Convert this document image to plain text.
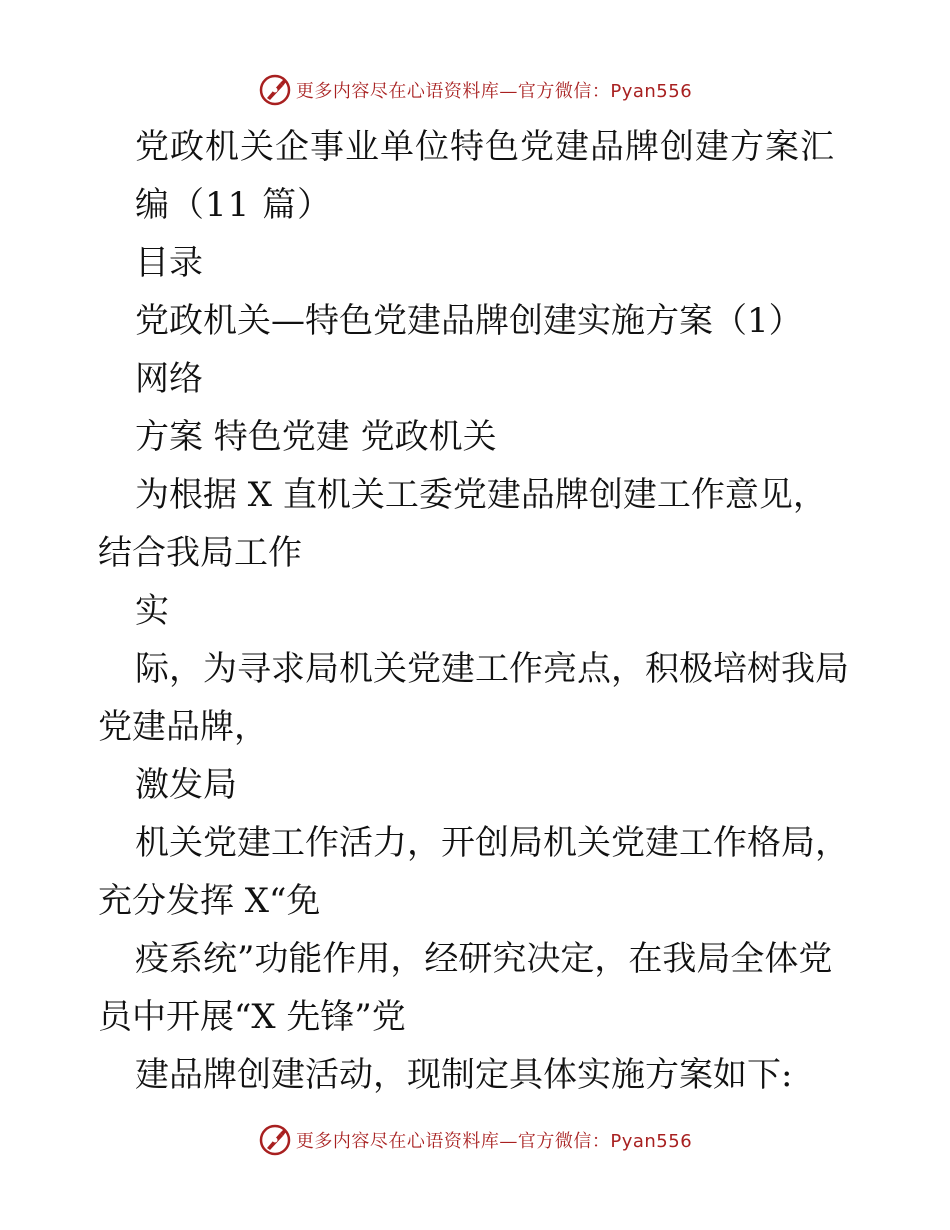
更多内容尽在心语资料库—官方微信：Pyan556

党政机关企事业单位特色党建品牌创建方案汇

编（11 篇）

目录

党政机关—特色党建品牌创建实施方案（1）

网络

方案 特色党建 党政机关

为根据 X 直机关工委党建品牌创建工作意见，结合我局工作

实

际，为寻求局机关党建工作亮点，积极培树我局党建品牌，

激发局

机关党建工作活力，开创局机关党建工作格局，充分发挥 X“免

疫系统”功能作用，经研究决定，在我局全体党员中开展“X 先锋”党

建品牌创建活动，现制定具体实施方案如下:

更多内容尽在心语资料库—官方微信：Pyan556
